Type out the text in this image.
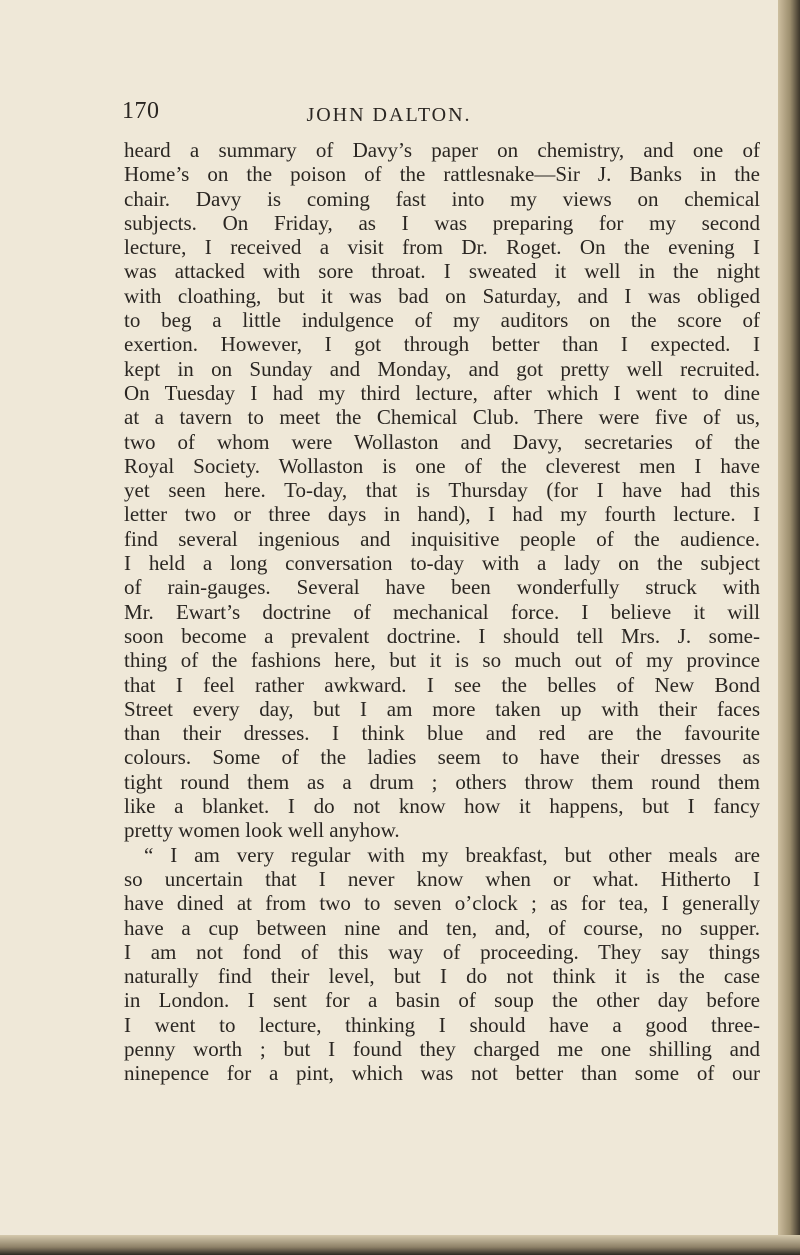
170	JOHN DALTON.
heard a summary of Davy’s paper on chemistry, and one of
Home’s on the poison of the rattlesnake—Sir J. Banks in the
chair. Davy is coming fast into my views on chemical
subjects. On Friday, as I was preparing for my second
lecture, I received a visit from Dr. Roget. On the evening I
was attacked with sore throat. I sweated it well in the night
with cloathing, but it was bad on Saturday, and I was obliged
to beg a little indulgence of my auditors on the score of
exertion. However, I got through better than I expected. I
kept in on Sunday and Monday, and got pretty well recruited.
On Tuesday I had my third lecture, after which I went to dine
at a tavern to meet the Chemical Club. There were five of us,
two of whom were Wollaston and Davy, secretaries of the
Royal Society. Wollaston is one of the cleverest men I have
yet seen here. To-day, that is Thursday (for I have had this
letter two or three days in hand), I had my fourth lecture. I
find several ingenious and inquisitive people of the audience.
I held a long conversation to-day with a lady on the subject
of rain-gauges. Several have been wonderfully struck with
Mr. Ewart’s doctrine of mechanical force. I believe it will
soon become a prevalent doctrine. I should tell Mrs. J. some-
thing of the fashions here, but it is so much out of my province
that I feel rather awkward. I see the belles of New Bond
Street every day, but I am more taken up with their faces
than their dresses. I think blue and red are the favourite
colours. Some of the ladies seem to have their dresses as
tight round them as a drum ; others throw them round them
like a blanket. I do not know how it happens, but I fancy
pretty women look well anyhow.
“ I am very regular with my breakfast, but other meals are
so uncertain that I never know when or what. Hitherto I
have dined at from two to seven o’clock ; as for tea, I generally
have a cup between nine and ten, and, of course, no supper.
I am not fond of this way of proceeding. They say things
naturally find their level, but I do not think it is the case
in London. I sent for a basin of soup the other day before
I went to lecture, thinking I should have a good three-
penny worth ; but I found they charged me one shilling and
ninepence for a pint, which was not better than some of our
